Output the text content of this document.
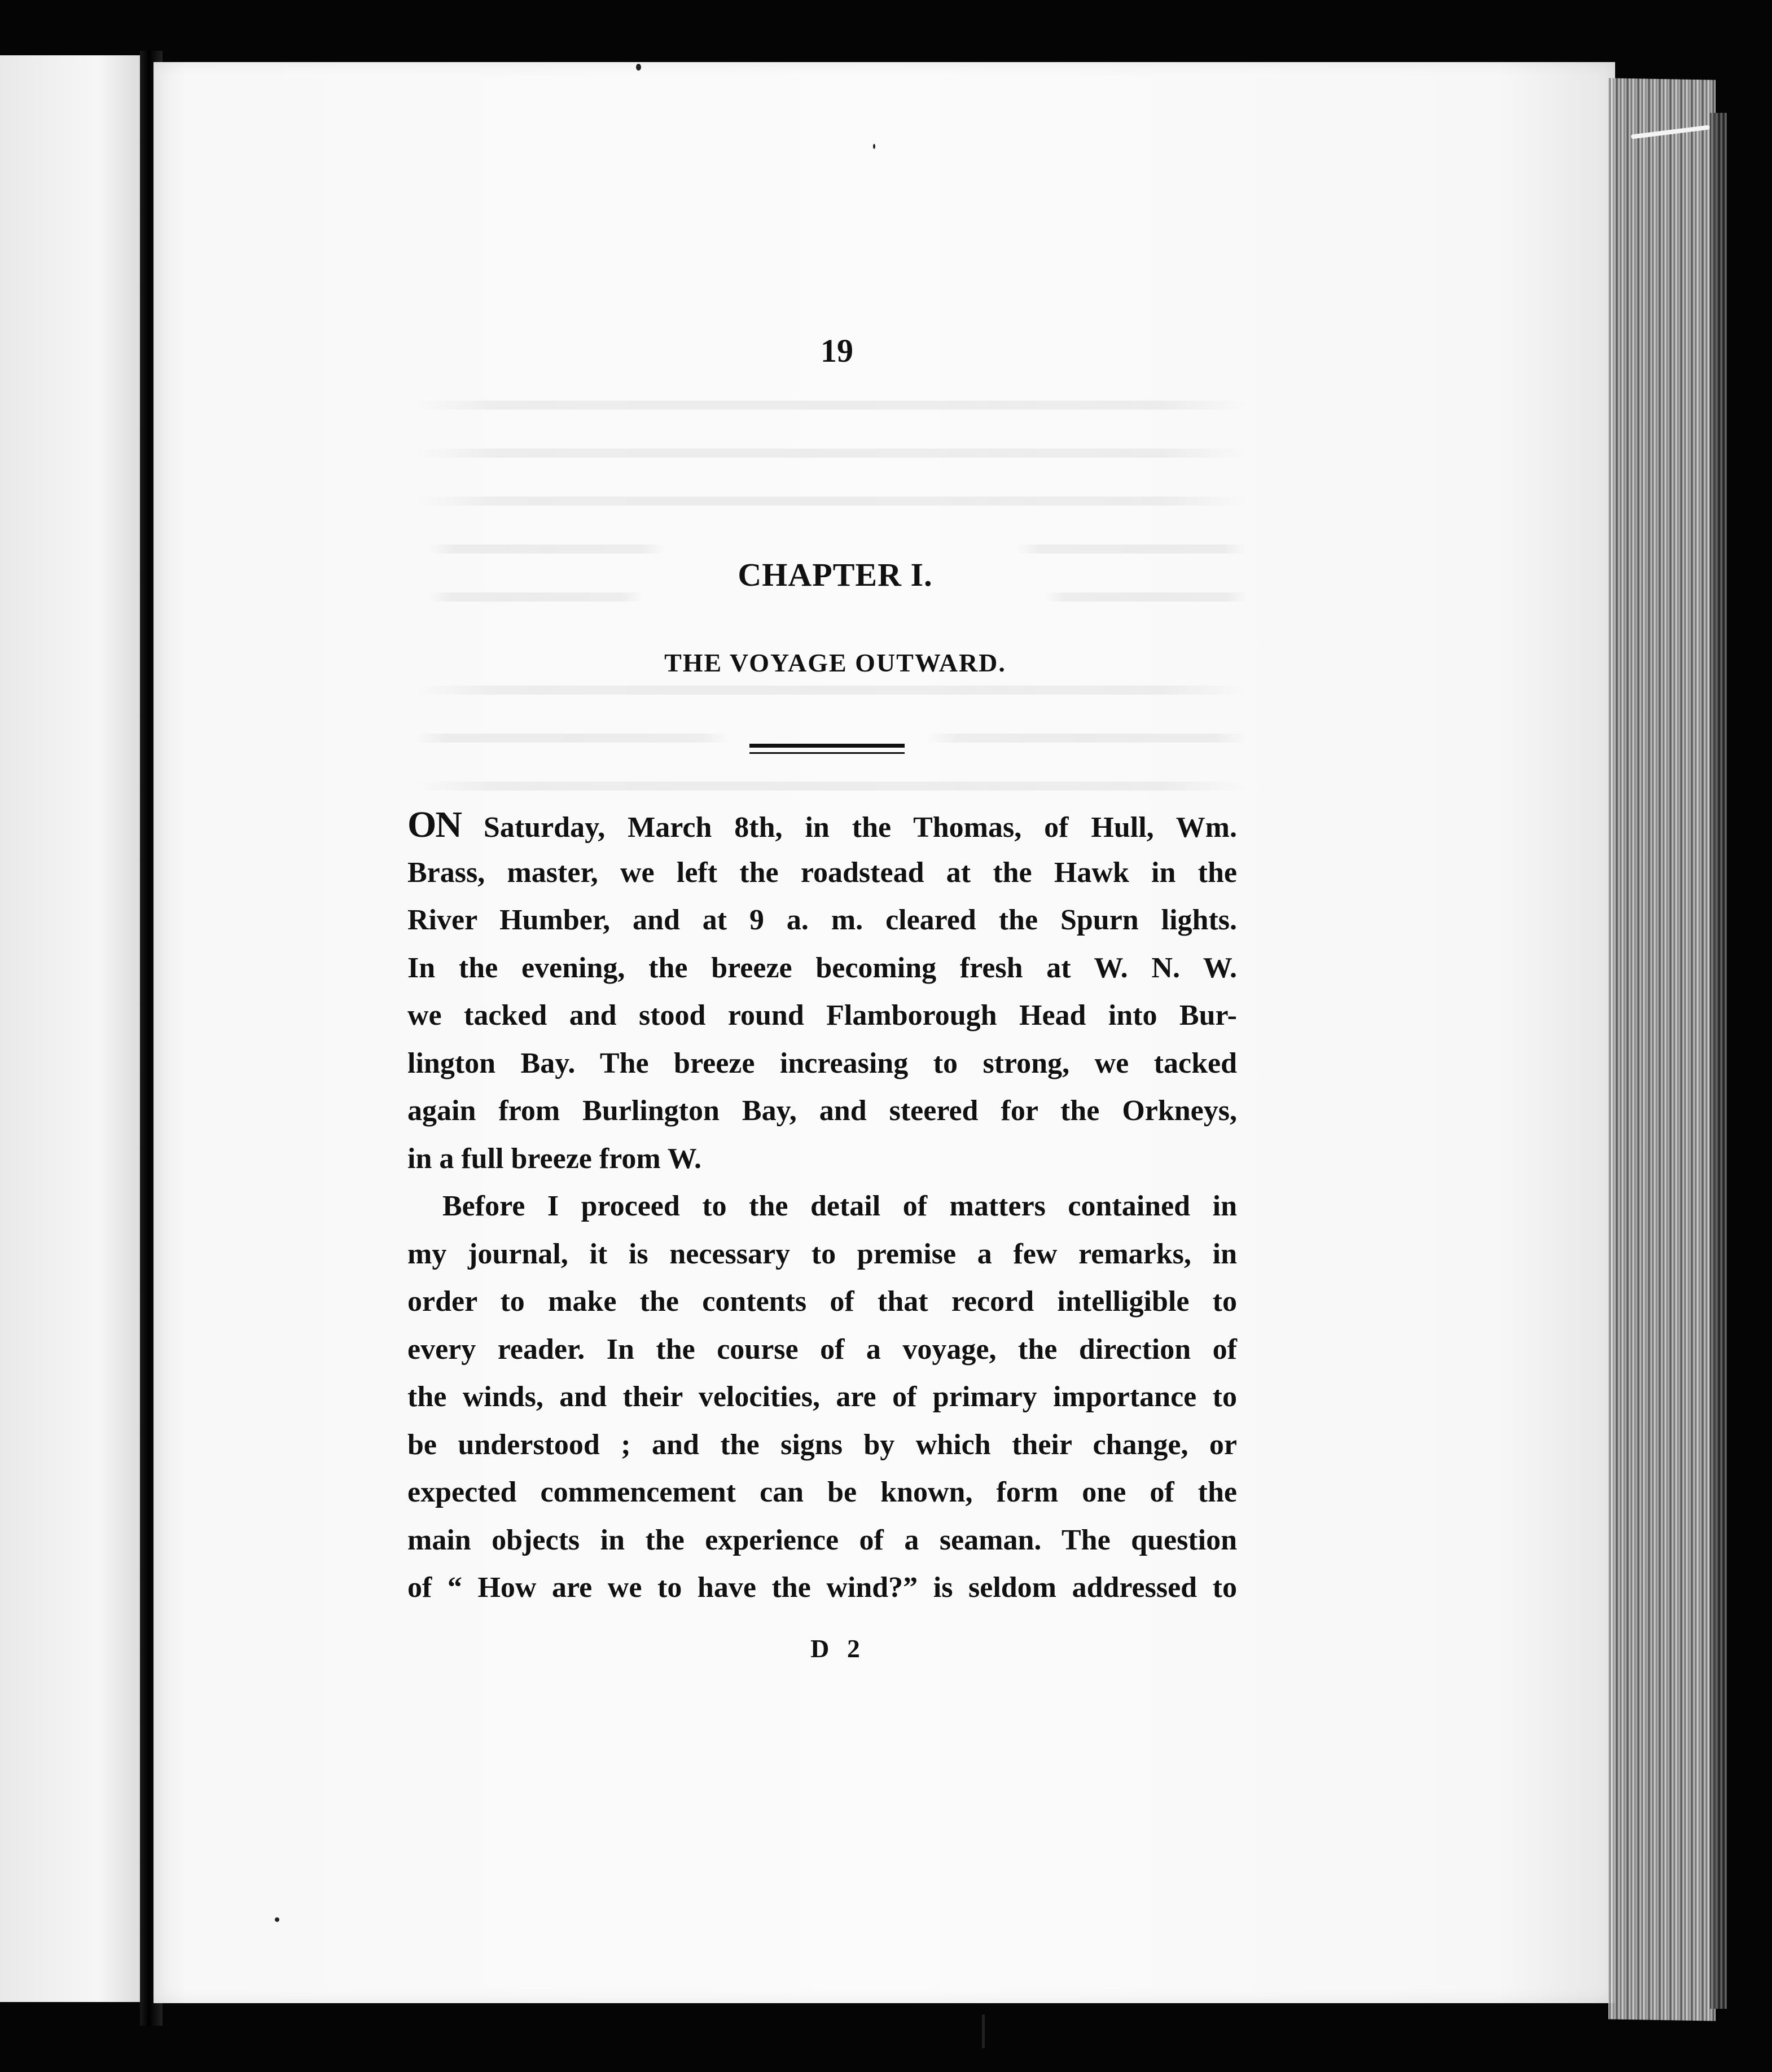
19
CHAPTER I.
THE VOYAGE OUTWARD.
ON Saturday, March 8th, in the Thomas, of Hull, Wm.
Brass, master, we left the roadstead at the Hawk in the
River Humber, and at 9 a. m. cleared the Spurn lights.
In the evening, the breeze becoming fresh at W. N. W.
we tacked and stood round Flamborough Head into Bur-
lington Bay. The breeze increasing to strong, we tacked
again from Burlington Bay, and steered for the Orkneys,
in a full breeze from W.
Before I proceed to the detail of matters contained in
my journal, it is necessary to premise a few remarks, in
order to make the contents of that record intelligible to
every reader. In the course of a voyage, the direction of
the winds, and their velocities, are of primary importance to
be understood ; and the signs by which their change, or
expected commencement can be known, form one of the
main objects in the experience of a seaman. The question
of “ How are we to have the wind?” is seldom addressed to
D 2
